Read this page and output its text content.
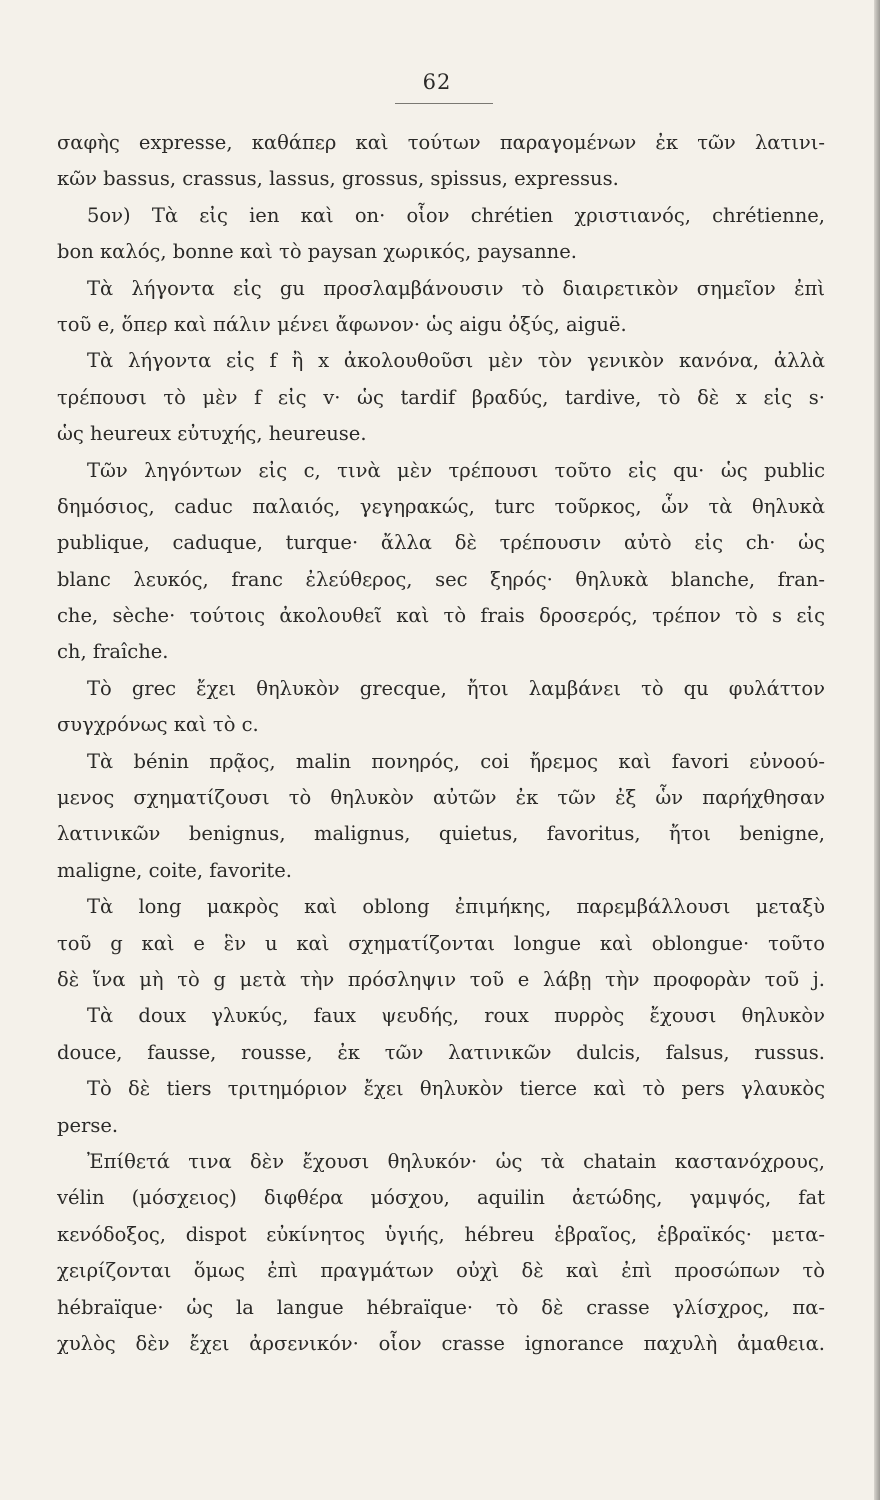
62
σαφὴς expresse, καθάπερ καὶ τούτων παραγομένων ἐκ τῶν λατινι-
κῶν bassus, crassus, lassus, grossus, spissus, expressus.
5ον) Τὰ εἰς ien καὶ on· οἷον chrétien χριστιανός, chrétienne,
bon καλός, bonne καὶ τὸ paysan χωρικός, paysanne.
Τὰ λήγοντα εἰς gu προσλαμβάνουσιν τὸ διαιρετικὸν σημεῖον ἐπὶ
τοῦ e, ὅπερ καὶ πάλιν μένει ἄφωνον· ὡς aigu ὀξύς, aiguë.
Τὰ λήγοντα εἰς f ἢ x ἀκολουθοῦσι μὲν τὸν γενικὸν κανόνα, ἀλλὰ
τρέπουσι τὸ μὲν f εἰς v· ὡς tardif βραδύς, tardive, τὸ δὲ x εἰς s·
ὡς heureux εὐτυχής, heureuse.
Τῶν ληγόντων εἰς c, τινὰ μὲν τρέπουσι τοῦτο εἰς qu· ὡς public
δημόσιος, caduc παλαιός, γεγηρακώς, turc τοῦρκος, ὧν τὰ θηλυκὰ
publique, caduque, turque· ἄλλα δὲ τρέπουσιν αὐτὸ εἰς ch· ὡς
blanc λευκός, franc ἐλεύθερος, sec ξηρός· θηλυκὰ blanche, fran-
che, sèche· τούτοις ἀκολουθεῖ καὶ τὸ frais δροσερός, τρέπον τὸ s εἰς
ch, fraîche.
Τὸ grec ἔχει θηλυκὸν grecque, ἤτοι λαμβάνει τὸ qu φυλάττον
συγχρόνως καὶ τὸ c.
Τὰ bénin πρᾷος, malin πονηρός, coi ἤρεμος καὶ favori εὐνοού-
μενος σχηματίζουσι τὸ θηλυκὸν αὐτῶν ἐκ τῶν ἐξ ὧν παρήχθησαν
λατινικῶν benignus, malignus, quietus, favoritus, ἤτοι benigne,
maligne, coite, favorite.
Τὰ long μακρὸς καὶ oblong ἐπιμήκης, παρεμβάλλουσι μεταξὺ
τοῦ g καὶ e ἓν u καὶ σχηματίζονται longue καὶ oblongue· τοῦτο
δὲ ἵνα μὴ τὸ g μετὰ τὴν πρόσληψιν τοῦ e λάβῃ τὴν προφορὰν τοῦ j.
Τὰ doux γλυκύς, faux ψευδής, roux πυρρὸς ἔχουσι θηλυκὸν
douce, fausse, rousse, ἐκ τῶν λατινικῶν dulcis, falsus, russus.
Τὸ δὲ tiers τριτημόριον ἔχει θηλυκὸν tierce καὶ τὸ pers γλαυκὸς
perse.
Ἐπίθετά τινα δὲν ἔχουσι θηλυκόν· ὡς τὰ chatain καστανόχρους,
vélin (μόσχειος) διφθέρα μόσχου, aquilin ἀετώδης, γαμψός, fat
κενόδοξος, dispot εὐκίνητος ὑγιής, hébreu ἑβραῖος, ἑβραϊκός· μετα-
χειρίζονται ὅμως ἐπὶ πραγμάτων οὐχὶ δὲ καὶ ἐπὶ προσώπων τὸ
hébraïque· ὡς la langue hébraïque· τὸ δὲ crasse γλίσχρος, πα-
χυλὸς δὲν ἔχει ἀρσενικόν· οἷον crasse ignorance παχυλὴ ἀμαθεια.
